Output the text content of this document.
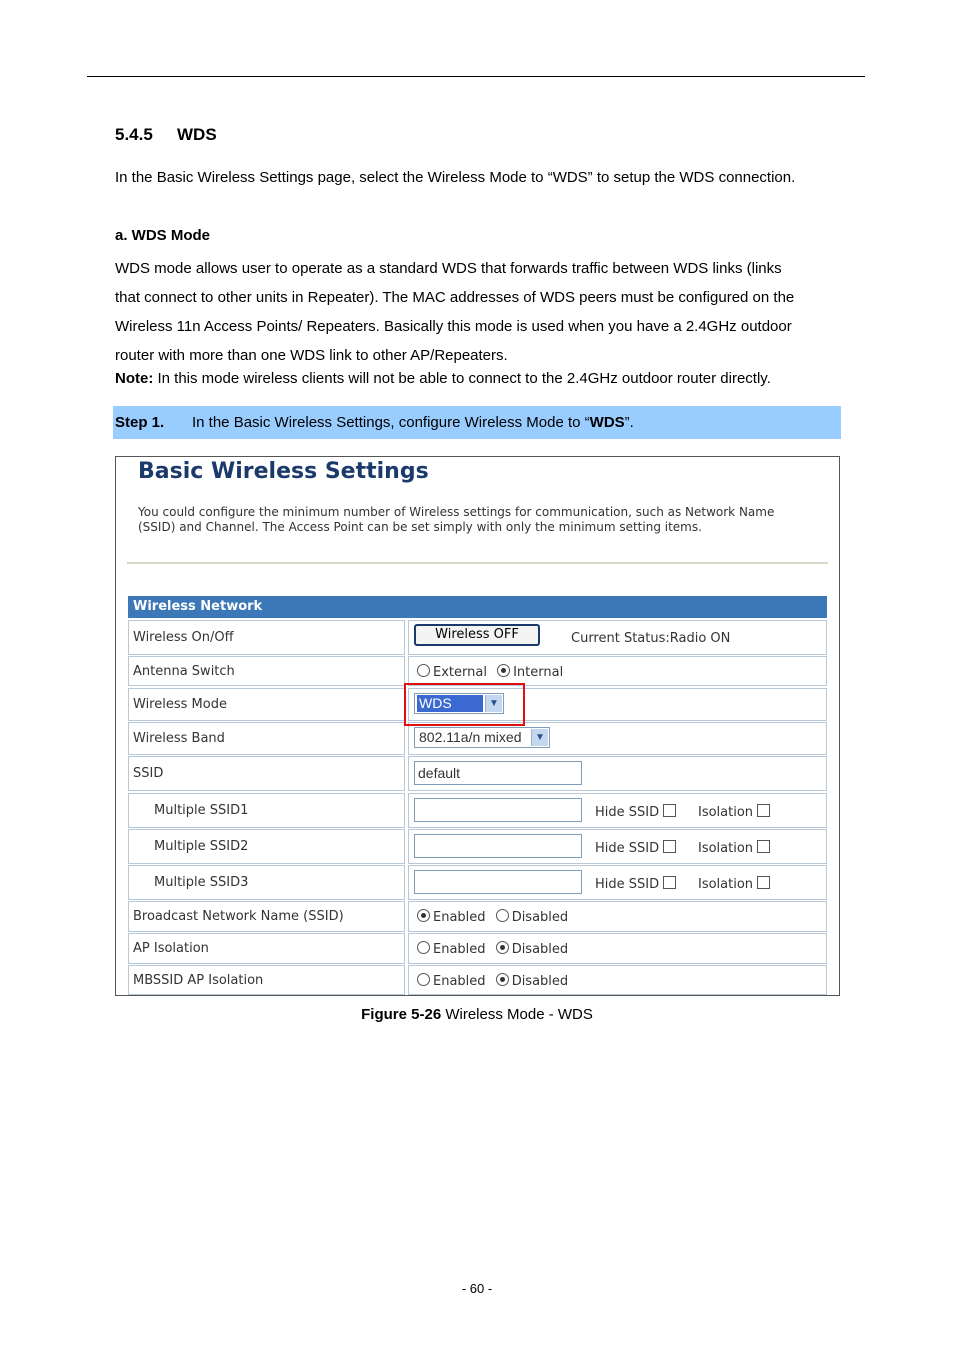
5.4.5 WDS
In the Basic Wireless Settings page, select the Wireless Mode to “WDS” to setup the WDS connection.
a. WDS Mode

WDS mode allows user to operate as a standard WDS that forwards traffic between WDS links (links

that connect to other units in Repeater). The MAC addresses of WDS peers must be configured on the

Wireless 11n Access Points/ Repeaters. Basically this mode is used when you have a 2.4GHz outdoor

router with more than one WDS link to other AP/Repeaters.

Note: In this mode wireless clients will not be able to connect to the 2.4GHz outdoor router directly.
Step 1. In the Basic Wireless Settings, configure Wireless Mode to “WDS”.
Basic Wireless Settings

You could configure the minimum number of Wireless settings for communication, such as Network Name

(SSID) and Channel. The Access Point can be set simply with only the minimum setting items.

Wireless Network
Wireless On/Off	Wireless OFF	Current Status:Radio ON
Antenna Switch	External Internal
Wireless Mode	WDS	▼
Wireless Band	802.11a/n mixed	▼
SSID	default
Multiple SSID1	Hide SSID	Isolation
Multiple SSID2	Hide SSID	Isolation
Multiple SSID3	Hide SSID	Isolation
Broadcast Network Name (SSID)	Enabled Disabled
AP Isolation	Enabled Disabled
MBSSID AP Isolation	Enabled Disabled
Figure 5-26 Wireless Mode - WDS
- 60 -
